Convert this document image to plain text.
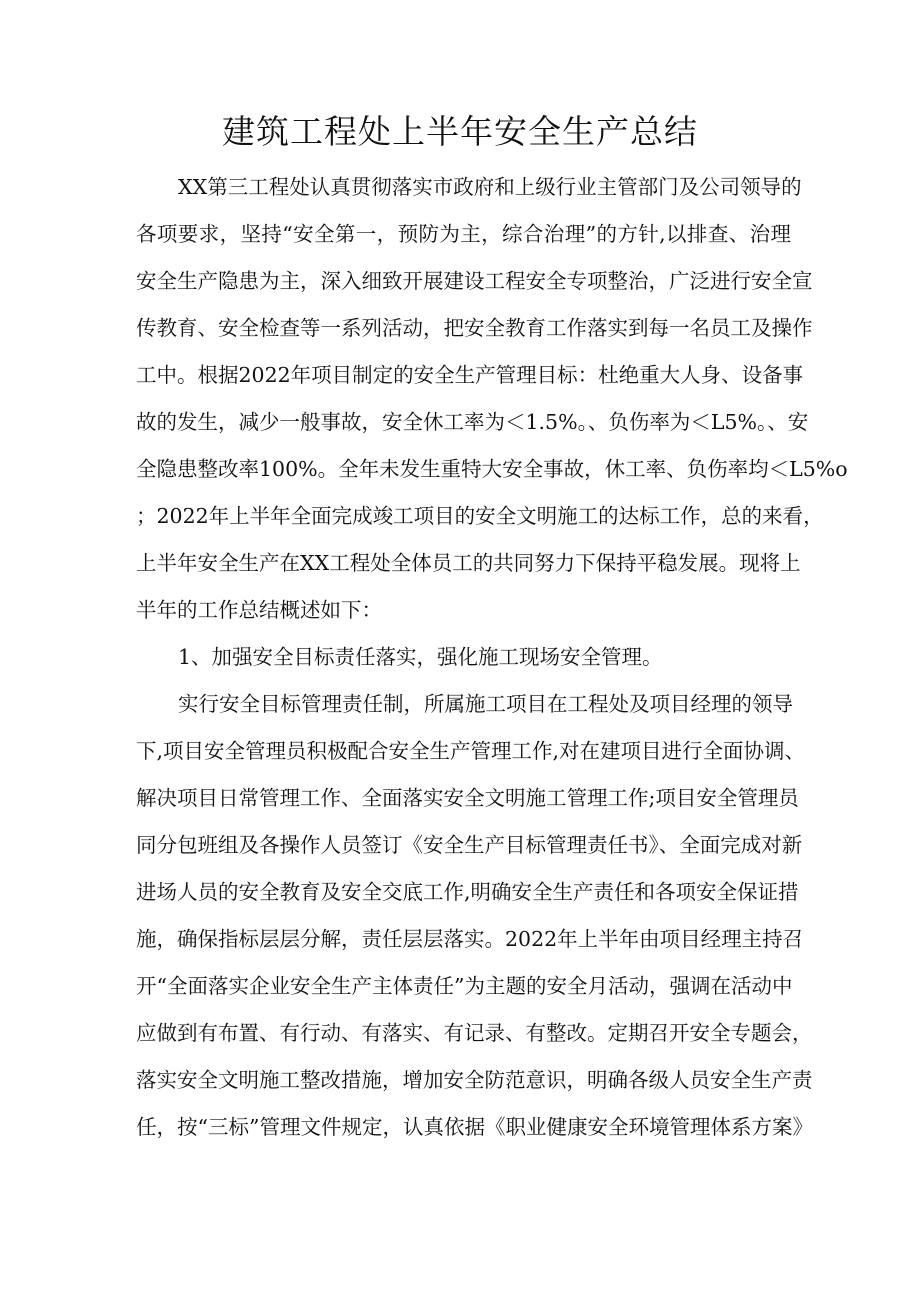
建筑工程处上半年安全生产总结
XX第三工程处认真贯彻落实市政府和上级行业主管部门及公司领导的
各项要求，坚持“安全第一，预防为主，综合治理”的方针,以排查、治理
安全生产隐患为主，深入细致开展建设工程安全专项整治，广泛进行安全宣
传教育、安全检查等一系列活动，把安全教育工作落实到每一名员工及操作
工中。根据2022年项目制定的安全生产管理目标：杜绝重大人身、设备事
故的发生，减少一般事故，安全休工率为＜1.5%。、负伤率为＜L5%。、安
全隐患整改率100%。全年未发生重特大安全事故，休工率、负伤率均＜L5%o
；2022年上半年全面完成竣工项目的安全文明施工的达标工作，总的来看，
上半年安全生产在XX工程处全体员工的共同努力下保持平稳发展。现将上
半年的工作总结概述如下：
1、加强安全目标责任落实，强化施工现场安全管理。
实行安全目标管理责任制，所属施工项目在工程处及项目经理的领导
下,项目安全管理员积极配合安全生产管理工作,对在建项目进行全面协调、
解决项目日常管理工作、全面落实安全文明施工管理工作;项目安全管理员
同分包班组及各操作人员签订《安全生产目标管理责任书》、全面完成对新
进场人员的安全教育及安全交底工作,明确安全生产责任和各项安全保证措
施，确保指标层层分解，责任层层落实。2022年上半年由项目经理主持召
开“全面落实企业安全生产主体责任”为主题的安全月活动，强调在活动中
应做到有布置、有行动、有落实、有记录、有整改。定期召开安全专题会，
落实安全文明施工整改措施，增加安全防范意识，明确各级人员安全生产责
任，按“三标”管理文件规定，认真依据《职业健康安全环境管理体系方案》
